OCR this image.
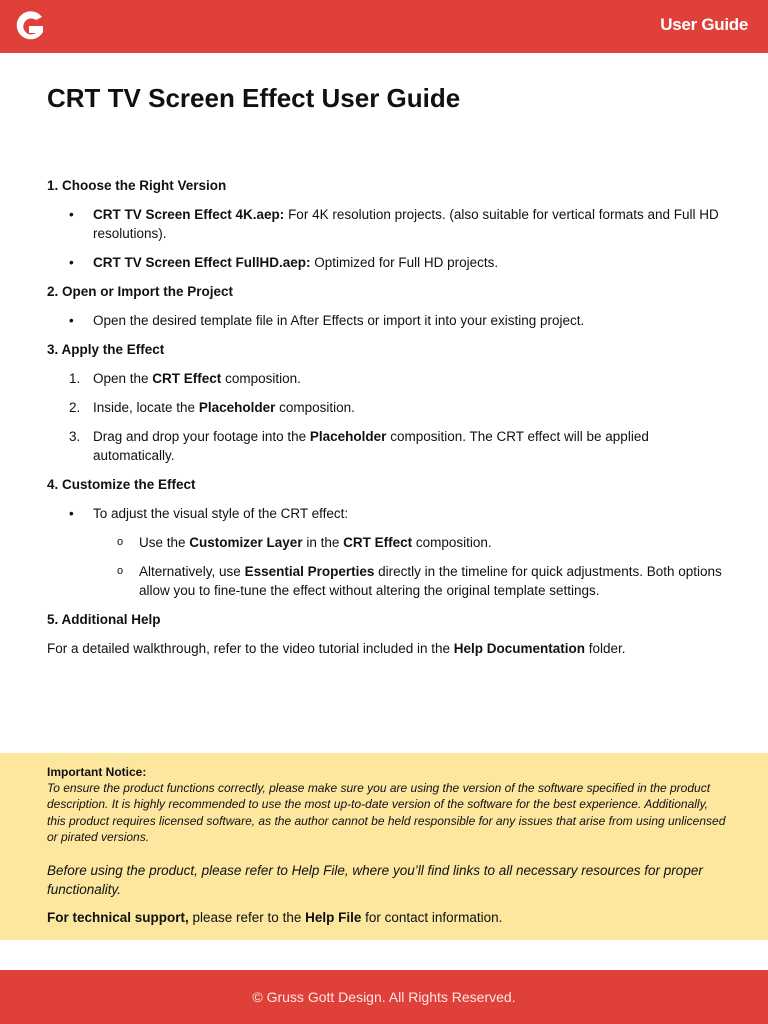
User Guide
CRT TV Screen Effect User Guide

1. Choose the Right Version

• CRT TV Screen Effect 4K.aep: For 4K resolution projects. (also suitable for vertical formats and Full HD resolutions).
• CRT TV Screen Effect FullHD.aep: Optimized for Full HD projects.

2. Open or Import the Project

• Open the desired template file in After Effects or import it into your existing project.

3. Apply the Effect

1. Open the CRT Effect composition.
2. Inside, locate the Placeholder composition.
3. Drag and drop your footage into the Placeholder composition. The CRT effect will be applied automatically.

4. Customize the Effect

• To adjust the visual style of the CRT effect:
o Use the Customizer Layer in the CRT Effect composition.
o Alternatively, use Essential Properties directly in the timeline for quick adjustments. Both options allow you to fine-tune the effect without altering the original template settings.

5. Additional Help

For a detailed walkthrough, refer to the video tutorial included in the Help Documentation folder.

Important Notice:

To ensure the product functions correctly, please make sure you are using the version of the software specified in the product description. It is highly recommended to use the most up-to-date version of the software for the best experience. Additionally, this product requires licensed software, as the author cannot be held responsible for any issues that arise from using unlicensed or pirated versions.

Before using the product, please refer to Help File, where you’ll find links to all necessary resources for proper functionality.

For technical support, please refer to the Help File for contact information.

© Gruss Gott Design. All Rights Reserved.
